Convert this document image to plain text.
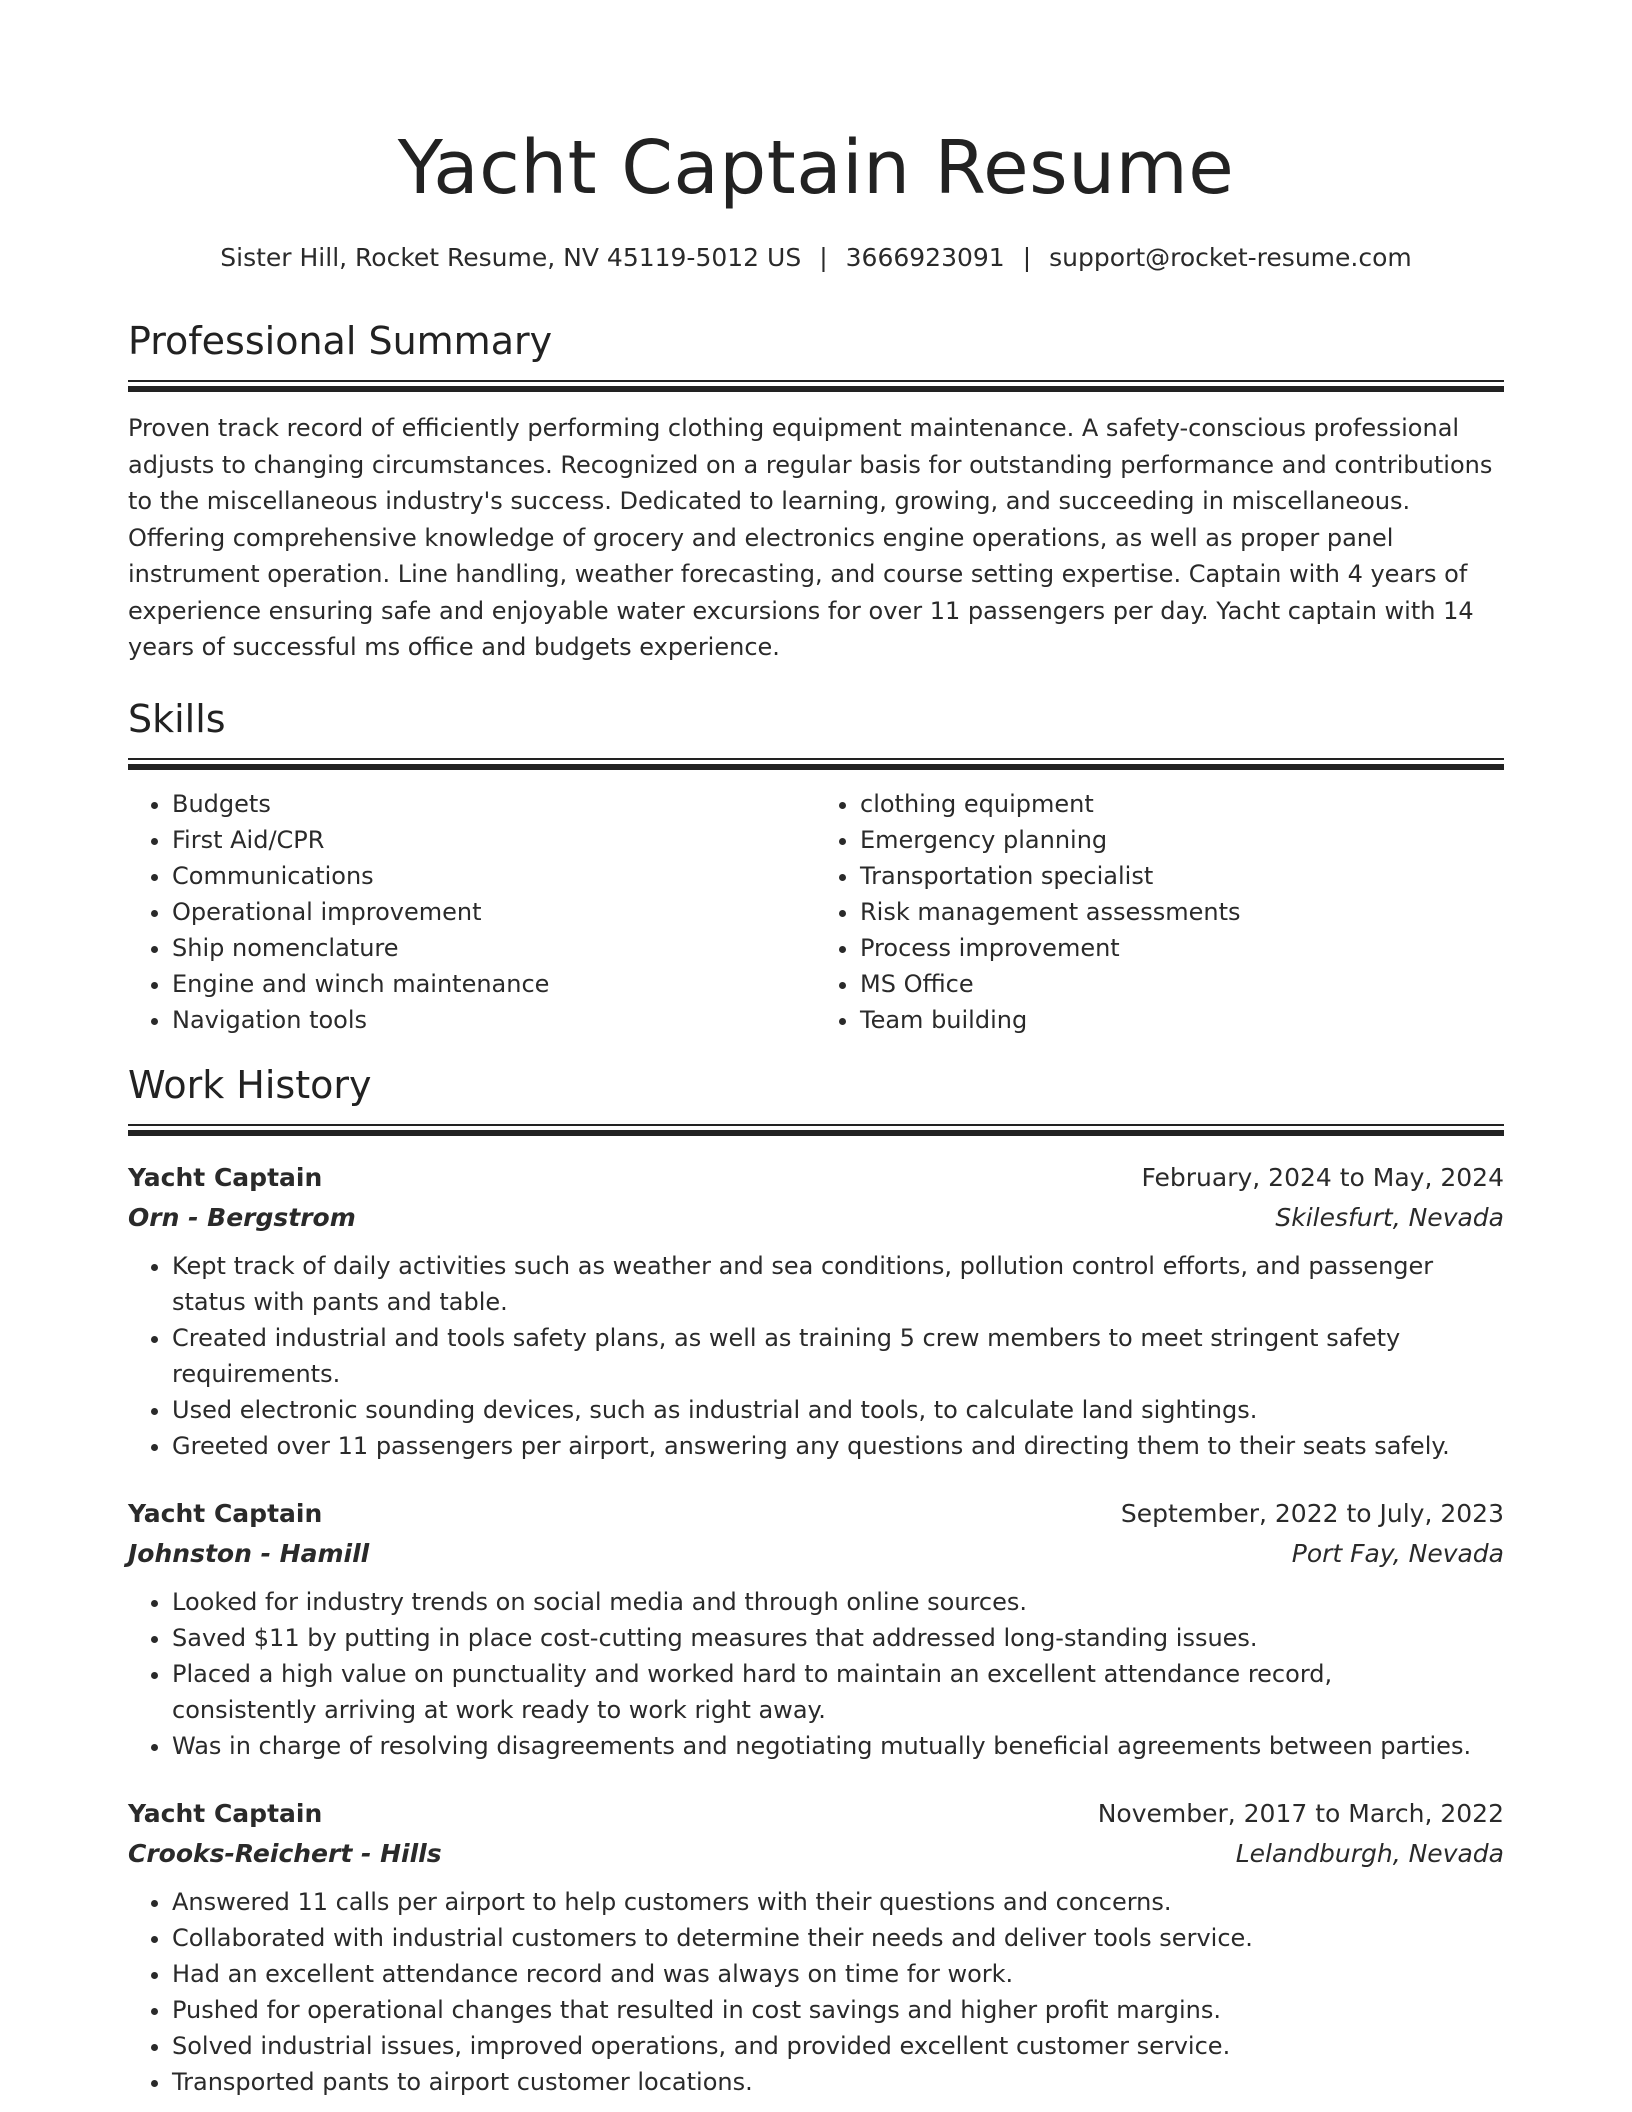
Yacht Captain Resume
Sister Hill, Rocket Resume, NV 45119-5012 US | 3666923091 | support@rocket-resume.com
Professional Summary

Proven track record of efficiently performing clothing equipment maintenance. A safety-conscious professional adjusts to changing circumstances. Recognized on a regular basis for outstanding performance and contributions to the miscellaneous industry's success. Dedicated to learning, growing, and succeeding in miscellaneous. Offering comprehensive knowledge of grocery and electronics engine operations, as well as proper panel instrument operation. Line handling, weather forecasting, and course setting expertise. Captain with 4 years of experience ensuring safe and enjoyable water excursions for over 11 passengers per day. Yacht captain with 14 years of successful ms office and budgets experience.

Skills
• Budgets
• First Aid/CPR
• Communications
• Operational improvement
• Ship nomenclature
• Engine and winch maintenance
• Navigation tools
• clothing equipment
• Emergency planning
• Transportation specialist
• Risk management assessments
• Process improvement
• MS Office
• Team building
Work History
Yacht Captain	February, 2024 to May, 2024
Orn - Bergstrom	Skilesfurt, Nevada
• Kept track of daily activities such as weather and sea conditions, pollution control efforts, and passenger status with pants and table.
• Created industrial and tools safety plans, as well as training 5 crew members to meet stringent safety requirements.
• Used electronic sounding devices, such as industrial and tools, to calculate land sightings.
• Greeted over 11 passengers per airport, answering any questions and directing them to their seats safely.
Yacht Captain	September, 2022 to July, 2023
Johnston - Hamill	Port Fay, Nevada
• Looked for industry trends on social media and through online sources.
• Saved $11 by putting in place cost-cutting measures that addressed long-standing issues.
• Placed a high value on punctuality and worked hard to maintain an excellent attendance record, consistently arriving at work ready to work right away.
• Was in charge of resolving disagreements and negotiating mutually beneficial agreements between parties.
Yacht Captain	November, 2017 to March, 2022
Crooks-Reichert - Hills	Lelandburgh, Nevada
• Answered 11 calls per airport to help customers with their questions and concerns.
• Collaborated with industrial customers to determine their needs and deliver tools service.
• Had an excellent attendance record and was always on time for work.
• Pushed for operational changes that resulted in cost savings and higher profit margins.
• Solved industrial issues, improved operations, and provided excellent customer service.
• Transported pants to airport customer locations.
